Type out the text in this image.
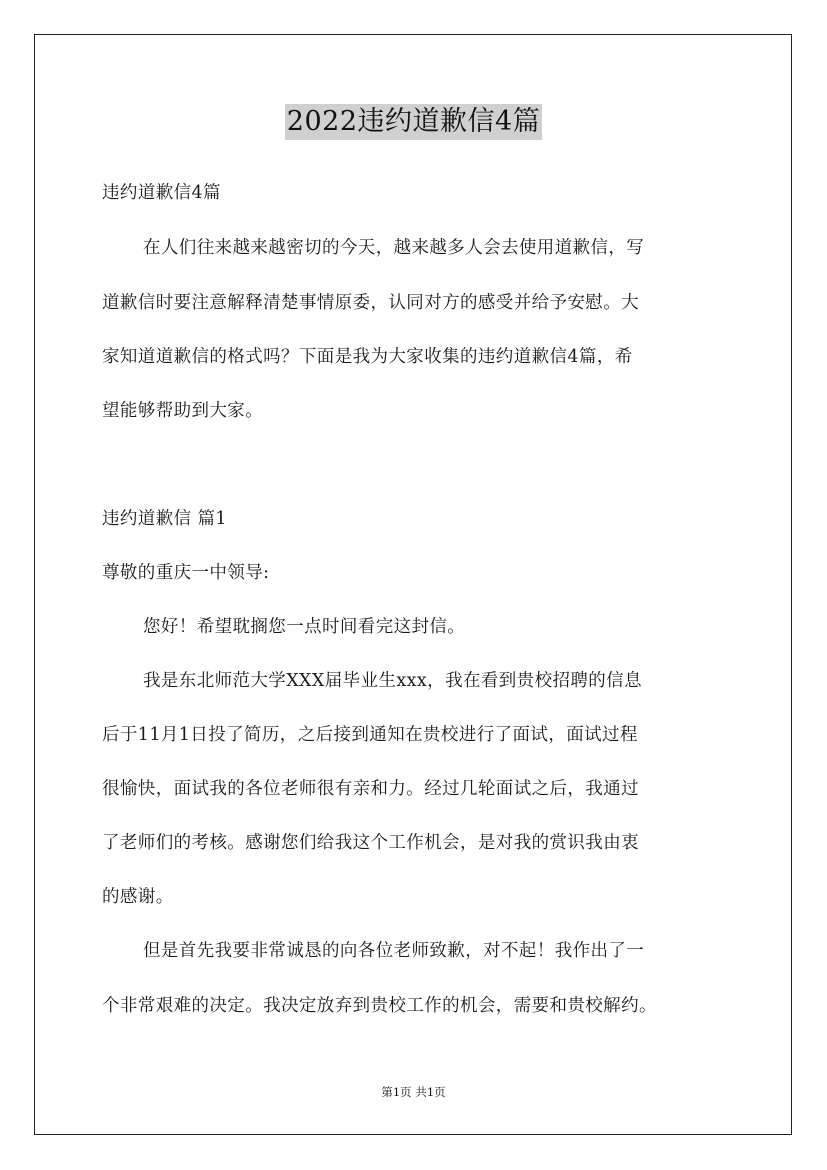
2022违约道歉信4篇
违约道歉信4篇
在人们往来越来越密切的今天，越来越多人会去使用道歉信，写
道歉信时要注意解释清楚事情原委，认同对方的感受并给予安慰。大
家知道道歉信的格式吗？下面是我为大家收集的违约道歉信4篇，希
望能够帮助到大家。
违约道歉信 篇1
尊敬的重庆一中领导:
您好！希望耽搁您一点时间看完这封信。
我是东北师范大学XXX届毕业生xxx，我在看到贵校招聘的信息
后于11月1日投了简历，之后接到通知在贵校进行了面试，面试过程
很愉快，面试我的各位老师很有亲和力。经过几轮面试之后，我通过
了老师们的考核。感谢您们给我这个工作机会，是对我的赏识我由衷
的感谢。
但是首先我要非常诚恳的向各位老师致歉，对不起！我作出了一
个非常艰难的决定。我决定放弃到贵校工作的机会，需要和贵校解约。
第1页 共1页
